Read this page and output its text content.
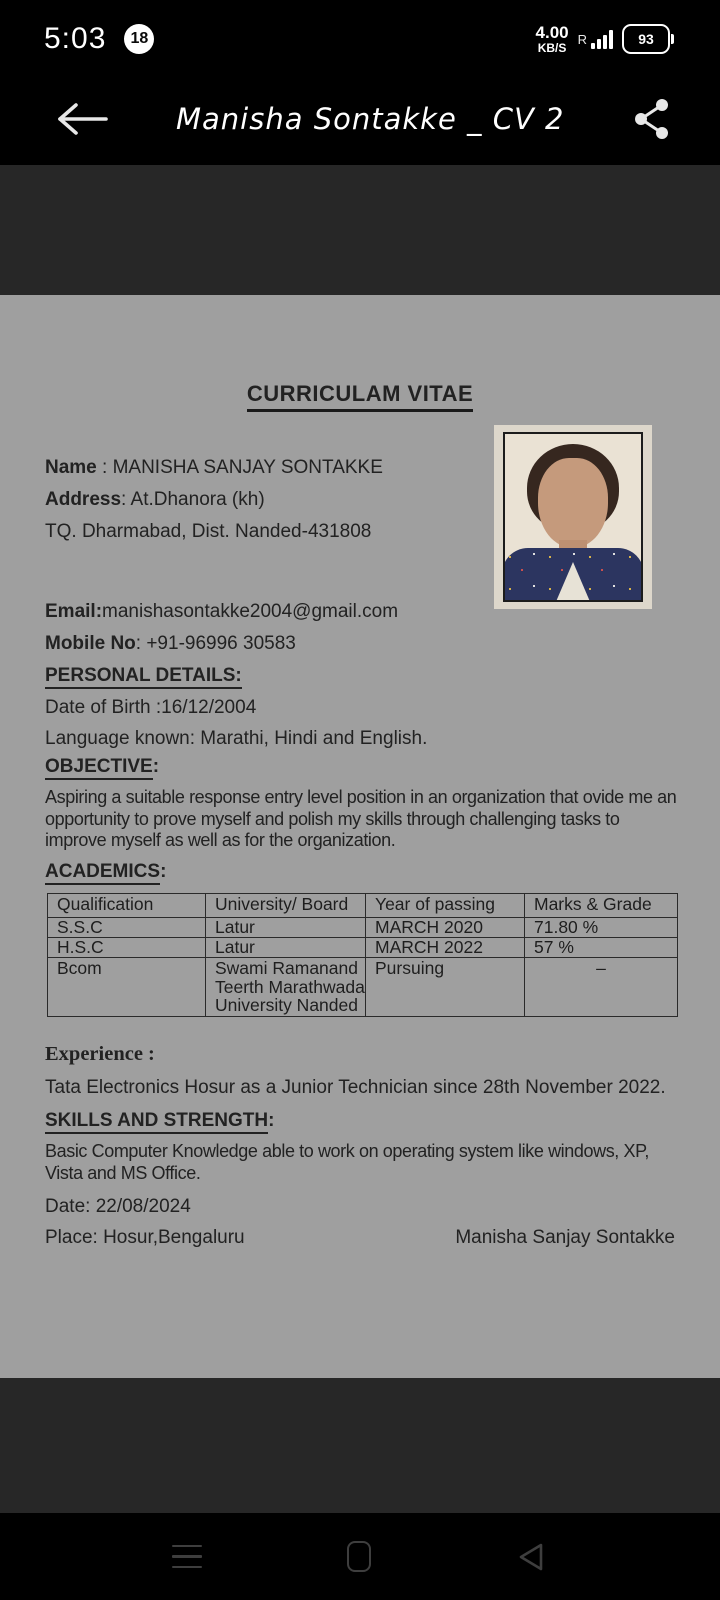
5:03	18	4.00
KB/S
R	93
Manisha Sontakke _ CV 2
CURRICULAM VITAE
Name : MANISHA SANJAY SONTAKKE
Address: At.Dhanora (kh)
TQ. Dharmabad, Dist. Nanded-431808
Email:manishasontakke2004@gmail.com
Mobile No: +91-96996 30583
PERSONAL DETAILS:
Date of Birth :16/12/2004
Language known: Marathi, Hindi and English.
OBJECTIVE:
Aspiring a suitable response entry level position in an organization that ovide me an opportunity to prove myself and polish my skills through challenging tasks to improve myself as well as for the organization.
ACADEMICS:
Qualification	University/ Board	Year of passing	Marks & Grade
S.S.C	Latur	MARCH 2020	71.80 %
H.S.C	Latur	MARCH 2022	57 %
Bcom	Swami Ramanand Teerth Marathwada University Nanded	Pursuing	–
Experience :
Tata Electronics Hosur as a Junior Technician since 28th November 2022.
SKILLS AND STRENGTH:
Basic Computer Knowledge able to work on operating system like windows, XP, Vista and MS Office.
Date: 22/08/2024
Place: Hosur,Bengaluru	Manisha Sanjay Sontakke
